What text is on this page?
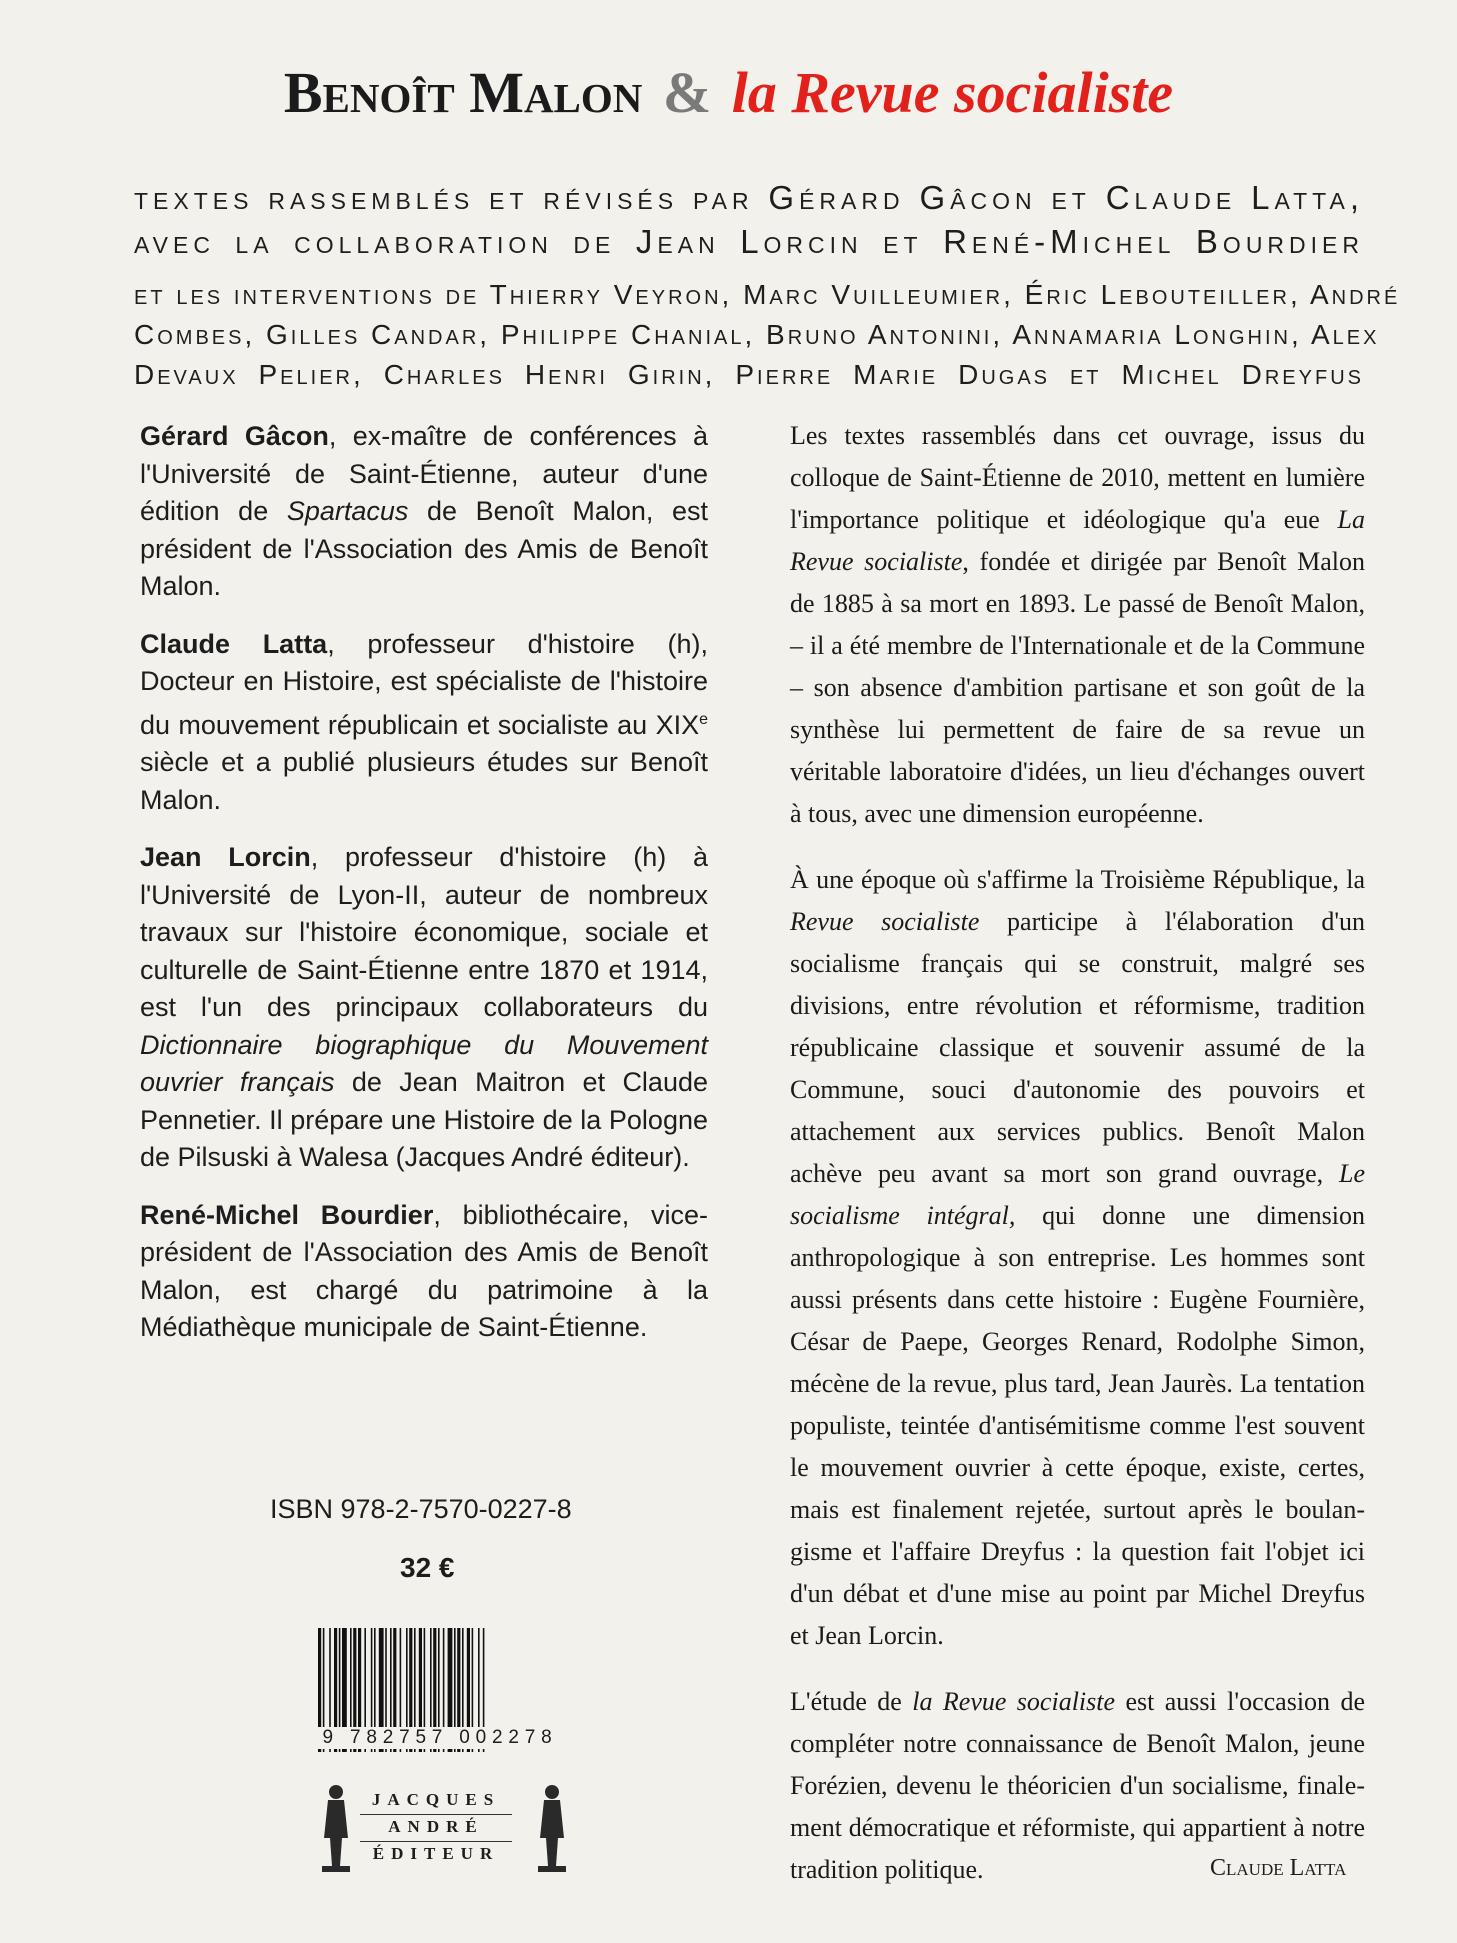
Benoît Malon & la Revue socialiste
textes rassemblés et révisés par Gérard Gâcon et Claude Latta,
avec la collaboration de Jean Lorcin et René-Michel Bourdier
et les interventions de Thierry Veyron, Marc Vuilleumier, Éric Lebouteiller, André
Combes, Gilles Candar, Philippe Chanial, Bruno Antonini, Annamaria Longhin, Alex
Devaux Pelier, Charles Henri Girin, Pierre Marie Dugas et Michel Dreyfus

Gérard Gâcon, ex-maître de conférences à l'Université de Saint-Étienne, auteur d'une édition de Spartacus de Benoît Malon, est président de l'Association des Amis de Benoît Malon.

Claude Latta, professeur d'histoire (h), Docteur en Histoire, est spécialiste de l'histoire du mouvement républicain et socialiste au XIXe siècle et a publié plusieurs études sur Benoît Malon.

Jean Lorcin, professeur d'histoire (h) à l'Université de Lyon-II, auteur de nombreux travaux sur l'histoire économique, sociale et culturelle de Saint-Étienne entre 1870 et 1914, est l'un des principaux collaborateurs du Dictionnaire biographique du Mouvement ouvrier français de Jean Maitron et Claude Pennetier. Il prépare une Histoire de la Pologne de Pilsuski à Walesa (Jacques André éditeur).

René-Michel Bourdier, bibliothécaire, vice-président de l'Association des Amis de Benoît Malon, est chargé du patrimoine à la Médiathèque municipale de Saint-Étienne.

ISBN 978-2-7570-0227-8
32 €
9 782757 002278
JACQUES
ANDRÉ
ÉDITEUR

Les textes rassemblés dans cet ouvrage, issus du colloque de Saint-Étienne de 2010, mettent en lumière l'importance politique et idéologique qu'a eue La Revue socialiste, fondée et dirigée par Benoît Malon de 1885 à sa mort en 1893. Le passé de Benoît Malon, – il a été membre de l'Internationale et de la Commune – son absence d'ambition partisane et son goût de la synthèse lui permettent de faire de sa revue un véritable laboratoire d'idées, un lieu d'échanges ouvert à tous, avec une dimension européenne.

À une époque où s'affirme la Troisième République, la Revue socialiste participe à l'élaboration d'un socialisme français qui se construit, malgré ses divisions, entre révolution et réformisme, tradition républicaine classique et souvenir assumé de la Commune, souci d'autonomie des pouvoirs et attachement aux services publics. Benoît Malon achève peu avant sa mort son grand ouvrage, Le socialisme intégral, qui donne une dimension anthropologique à son entreprise. Les hommes sont aussi présents dans cette histoire : Eugène Fournière, César de Paepe, Georges Renard, Rodolphe Simon, mécène de la revue, plus tard, Jean Jaurès. La tentation populiste, teintée d'antisémitisme comme l'est souvent le mouvement ouvrier à cette époque, existe, certes, mais est finalement rejetée, surtout après le boulangisme et l'affaire Dreyfus : la question fait l'objet ici d'un débat et d'une mise au point par Michel Dreyfus et Jean Lorcin.

L'étude de la Revue socialiste est aussi l'occasion de compléter notre connaissance de Benoît Malon, jeune Forézien, devenu le théoricien d'un socialisme, finalement démocratique et réformiste, qui appartient à notre tradition politique.	Claude Latta
